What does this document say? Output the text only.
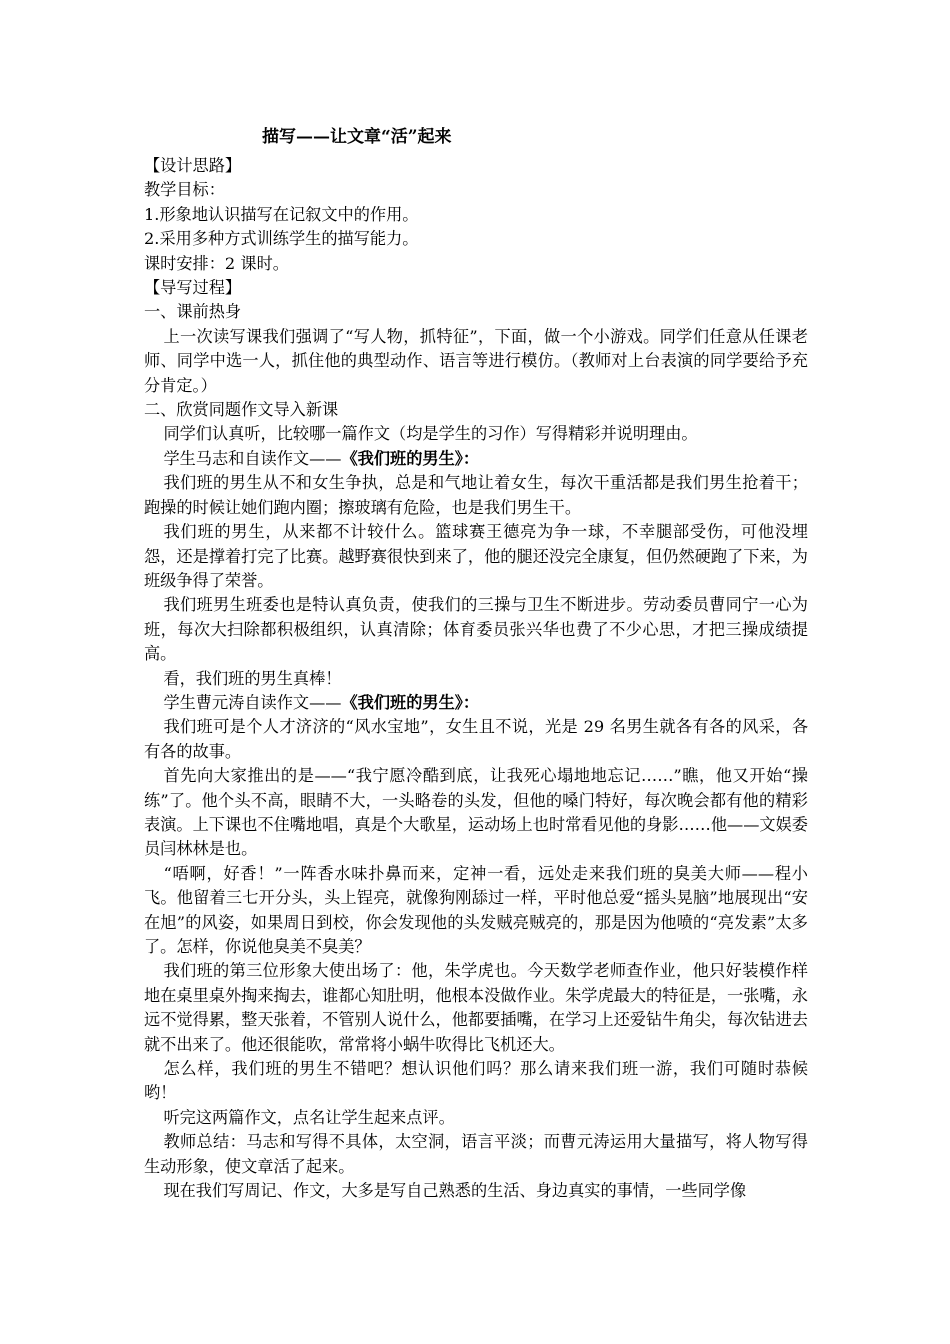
描写——让文章“活”起来

【设计思路】

教学目标：

1.形象地认识描写在记叙文中的作用。

2.采用多种方式训练学生的描写能力。

课时安排：2 课时。

【导写过程】

一、课前热身

上一次读写课我们强调了“写人物，抓特征”，下面，做一个小游戏。同学们任意从任课老师、同学中选一人，抓住他的典型动作、语言等进行模仿。（教师对上台表演的同学要给予充分肯定。）

二、欣赏同题作文导入新课

同学们认真听，比较哪一篇作文（均是学生的习作）写得精彩并说明理由。

学生马志和自读作文——《我们班的男生》：

我们班的男生从不和女生争执，总是和气地让着女生，每次干重活都是我们男生抢着干；跑操的时候让她们跑内圈；擦玻璃有危险，也是我们男生干。

我们班的男生，从来都不计较什么。篮球赛王德亮为争一球，不幸腿部受伤，可他没埋怨，还是撑着打完了比赛。越野赛很快到来了，他的腿还没完全康复，但仍然硬跑了下来，为班级争得了荣誉。

我们班男生班委也是特认真负责，使我们的三操与卫生不断进步。劳动委员曹同宁一心为班，每次大扫除都积极组织，认真清除；体育委员张兴华也费了不少心思，才把三操成绩提高。

看，我们班的男生真棒！

学生曹元涛自读作文——《我们班的男生》：

我们班可是个人才济济的“风水宝地”，女生且不说，光是 29 名男生就各有各的风采，各有各的故事。

首先向大家推出的是——“我宁愿冷酷到底，让我死心塌地地忘记……”瞧，他又开始“操练”了。他个头不高，眼睛不大，一头略卷的头发，但他的嗓门特好，每次晚会都有他的精彩表演。上下课也不住嘴地唱，真是个大歌星，运动场上也时常看见他的身影……他——文娱委员闫林林是也。

“唔啊，好香！”一阵香水味扑鼻而来，定神一看，远处走来我们班的臭美大师——程小飞。他留着三七开分头，头上锃亮，就像狗刚舔过一样，平时他总爱“摇头晃脑”地展现出“安在旭”的风姿，如果周日到校，你会发现他的头发贼亮贼亮的，那是因为他喷的“亮发素”太多了。怎样，你说他臭美不臭美？

我们班的第三位形象大使出场了：他，朱学虎也。今天数学老师查作业，他只好装模作样地在桌里桌外掏来掏去，谁都心知肚明，他根本没做作业。朱学虎最大的特征是，一张嘴，永远不觉得累，整天张着，不管别人说什么，他都要插嘴，在学习上还爱钻牛角尖，每次钻进去就不出来了。他还很能吹，常常将小蜗牛吹得比飞机还大。

怎么样，我们班的男生不错吧？想认识他们吗？那么请来我们班一游，我们可随时恭候哟！

听完这两篇作文，点名让学生起来点评。

教师总结：马志和写得不具体，太空洞，语言平淡；而曹元涛运用大量描写，将人物写得生动形象，使文章活了起来。

现在我们写周记、作文，大多是写自己熟悉的生活、身边真实的事情，一些同学像
